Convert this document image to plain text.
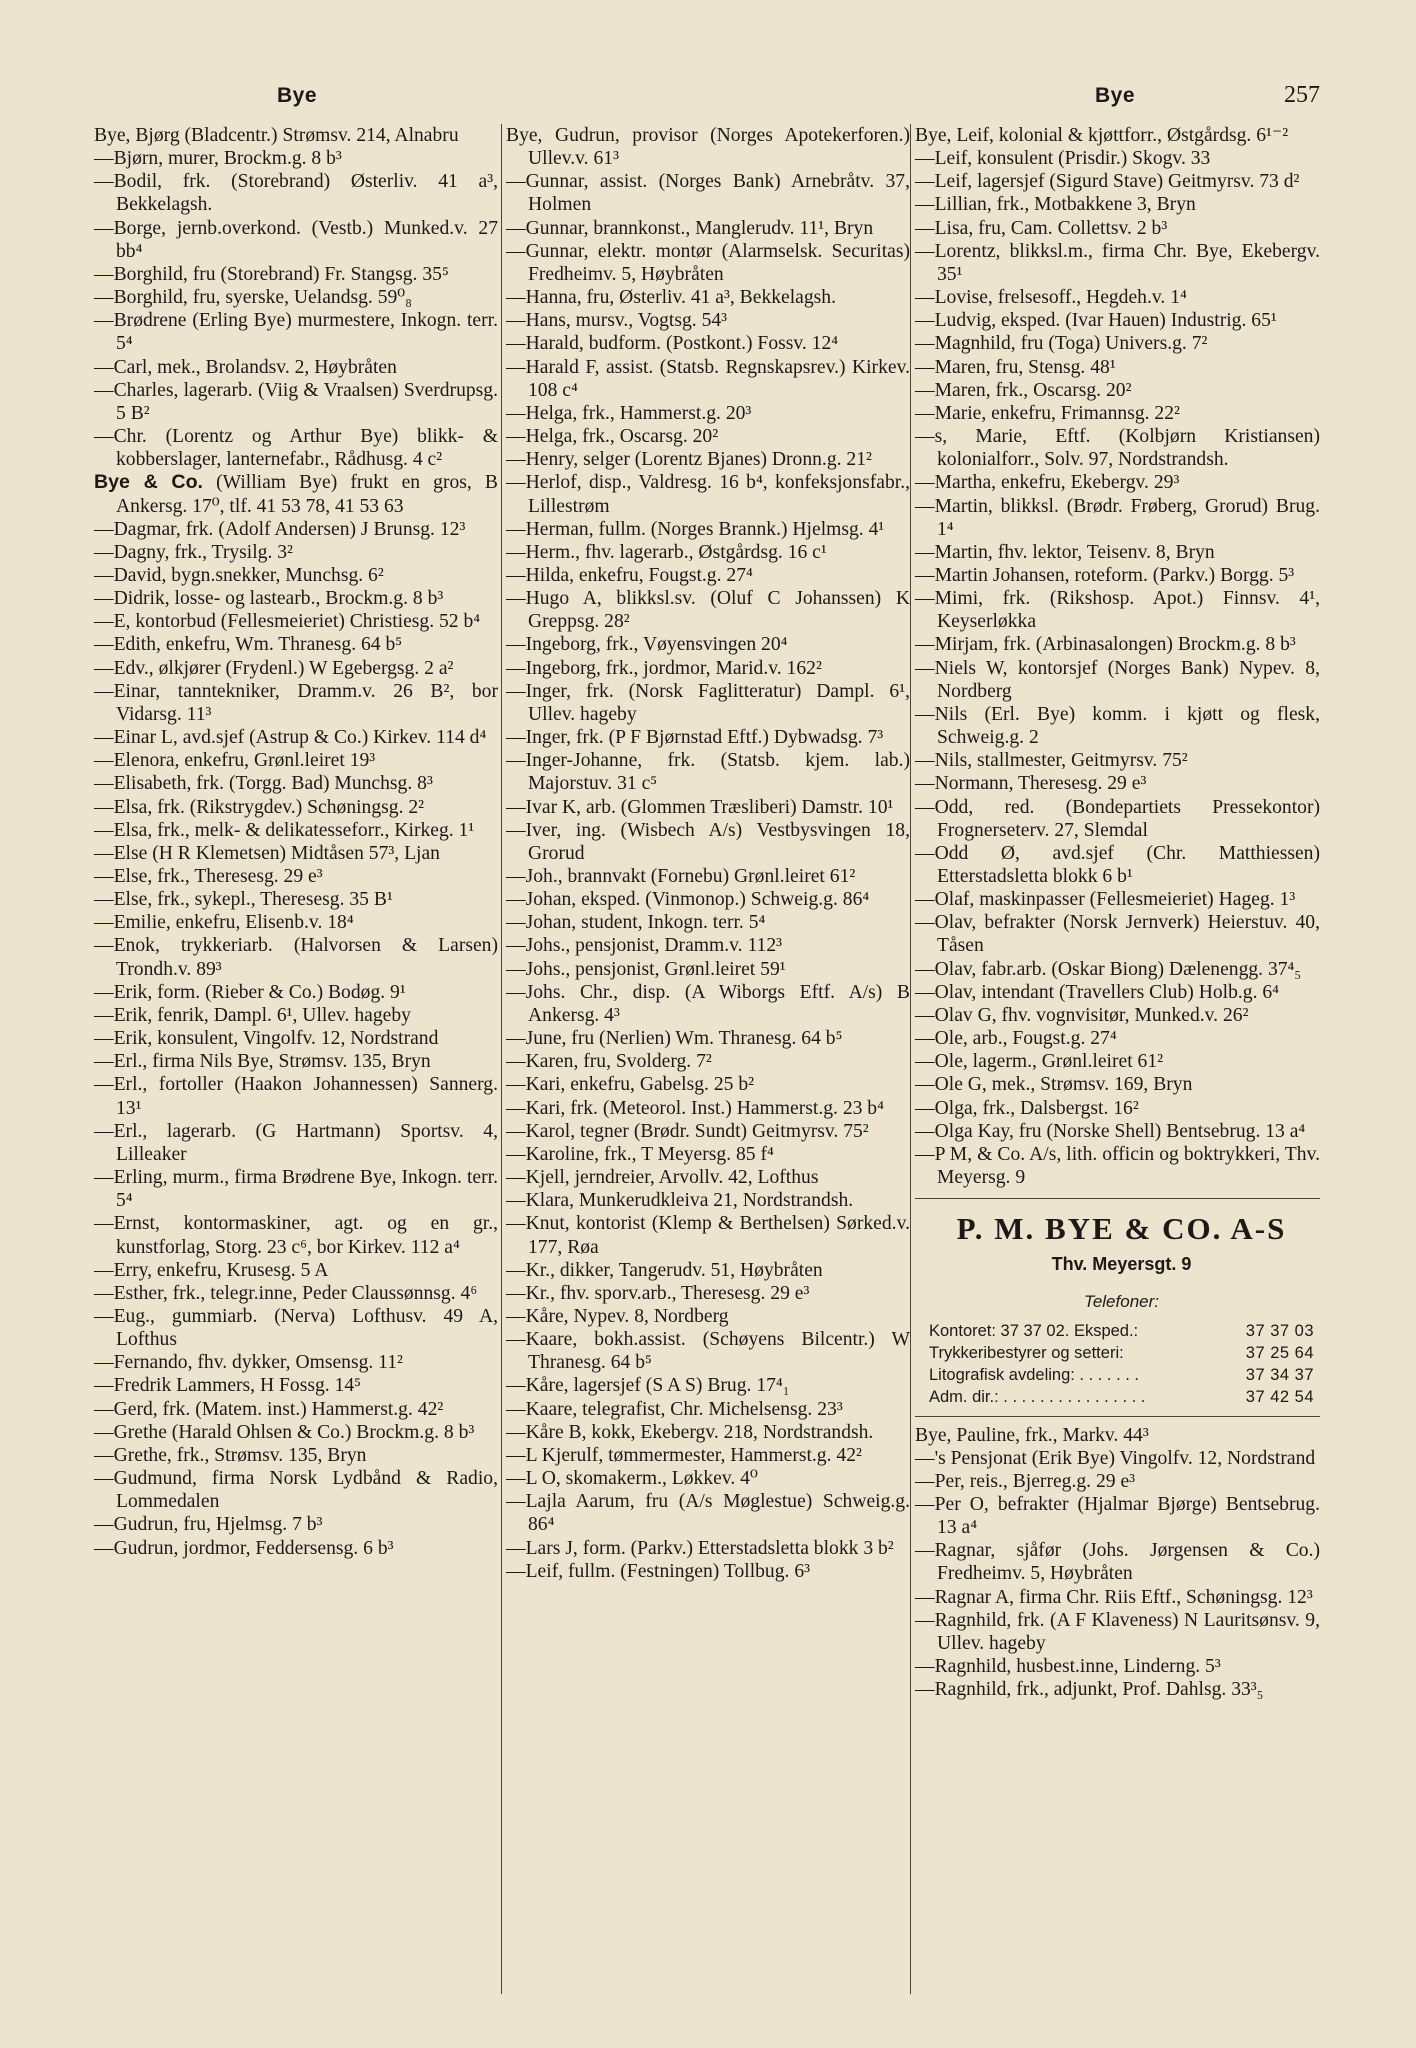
Bye	Bye	257

Bye, Bjørg (Bladcentr.) Strømsv. 214, Alnabru

—Bjørn, murer, Brockm.g. 8 b³

—Bodil, frk. (Storebrand) Østerliv. 41 a³, Bekkelagsh.

—Borge, jernb.overkond. (Vestb.) Munked.v. 27 bb⁴

—Borghild, fru (Storebrand) Fr. Stangsg. 35⁵

—Borghild, fru, syerske, Uelandsg. 59⁰₈

—Brødrene (Erling Bye) murmestere, Inkogn. terr. 5⁴

—Carl, mek., Brolandsv. 2, Høybråten

—Charles, lagerarb. (Viig & Vraalsen) Sverdrupsg. 5 B²

—Chr. (Lorentz og Arthur Bye) blikk- & kobberslager, lanternefabr., Rådhusg. 4 c²

Bye & Co. (William Bye) frukt en gros, B Ankersg. 17⁰, tlf. 41 53 78, 41 53 63

—Dagmar, frk. (Adolf Andersen) J Brunsg. 12³

—Dagny, frk., Trysilg. 3²

—David, bygn.snekker, Munchsg. 6²

—Didrik, losse- og lastearb., Brockm.g. 8 b³

—E, kontorbud (Fellesmeieriet) Christiesg. 52 b⁴

—Edith, enkefru, Wm. Thranesg. 64 b⁵

—Edv., ølkjører (Frydenl.) W Egebergsg. 2 a²

—Einar, tanntekniker, Dramm.v. 26 B², bor Vidarsg. 11³

—Einar L, avd.sjef (Astrup & Co.) Kirkev. 114 d⁴

—Elenora, enkefru, Grønl.leiret 19³

—Elisabeth, frk. (Torgg. Bad) Munchsg. 8³

—Elsa, frk. (Rikstrygdev.) Schøningsg. 2²

—Elsa, frk., melk- & delikatesseforr., Kirkeg. 1¹

—Else (H R Klemetsen) Midtåsen 57³, Ljan

—Else, frk., Theresesg. 29 e³

—Else, frk., sykepl., Theresesg. 35 B¹

—Emilie, enkefru, Elisenb.v. 18⁴

—Enok, trykkeriarb. (Halvorsen & Larsen) Trondh.v. 89³

—Erik, form. (Rieber & Co.) Bodøg. 9¹

—Erik, fenrik, Dampl. 6¹, Ullev. hageby

—Erik, konsulent, Vingolfv. 12, Nordstrand

—Erl., firma Nils Bye, Strømsv. 135, Bryn

—Erl., fortoller (Haakon Johannessen) Sannerg. 13¹

—Erl., lagerarb. (G Hartmann) Sportsv. 4, Lilleaker

—Erling, murm., firma Brødrene Bye, Inkogn. terr. 5⁴

—Ernst, kontormaskiner, agt. og en gr., kunstforlag, Storg. 23 c⁶, bor Kirkev. 112 a⁴

—Erry, enkefru, Krusesg. 5 A

—Esther, frk., telegr.inne, Peder Claussønnsg. 4⁶

—Eug., gummiarb. (Nerva) Lofthusv. 49 A, Lofthus

—Fernando, fhv. dykker, Omsensg. 11²

—Fredrik Lammers, H Fossg. 14⁵

—Gerd, frk. (Matem. inst.) Hammerst.g. 42²

—Grethe (Harald Ohlsen & Co.) Brockm.g. 8 b³

—Grethe, frk., Strømsv. 135, Bryn

—Gudmund, firma Norsk Lydbånd & Radio, Lommedalen

—Gudrun, fru, Hjelmsg. 7 b³

—Gudrun, jordmor, Feddersensg. 6 b³

Bye, Gudrun, provisor (Norges Apotekerforen.) Ullev.v. 61³

—Gunnar, assist. (Norges Bank) Arnebråtv. 37, Holmen

—Gunnar, brannkonst., Manglerudv. 11¹, Bryn

—Gunnar, elektr. montør (Alarmselsk. Securitas) Fredheimv. 5, Høybråten

—Hanna, fru, Østerliv. 41 a³, Bekkelagsh.

—Hans, mursv., Vogtsg. 54³

—Harald, budform. (Postkont.) Fossv. 12⁴

—Harald F, assist. (Statsb. Regnskapsrev.) Kirkev. 108 c⁴

—Helga, frk., Hammerst.g. 20³

—Helga, frk., Oscarsg. 20²

—Henry, selger (Lorentz Bjanes) Dronn.g. 21²

—Herlof, disp., Valdresg. 16 b⁴, konfeksjonsfabr., Lillestrøm

—Herman, fullm. (Norges Brannk.) Hjelmsg. 4¹

—Herm., fhv. lagerarb., Østgårdsg. 16 c¹

—Hilda, enkefru, Fougst.g. 27⁴

—Hugo A, blikksl.sv. (Oluf C Johanssen) K Greppsg. 28²

—Ingeborg, frk., Vøyensvingen 20⁴

—Ingeborg, frk., jordmor, Marid.v. 162²

—Inger, frk. (Norsk Faglitteratur) Dampl. 6¹, Ullev. hageby

—Inger, frk. (P F Bjørnstad Eftf.) Dybwadsg. 7³

—Inger-Johanne, frk. (Statsb. kjem. lab.) Majorstuv. 31 c⁵

—Ivar K, arb. (Glommen Træsliberi) Damstr. 10¹

—Iver, ing. (Wisbech A/s) Vestbysvingen 18, Grorud

—Joh., brannvakt (Fornebu) Grønl.leiret 61²

—Johan, eksped. (Vinmonop.) Schweig.g. 86⁴

—Johan, student, Inkogn. terr. 5⁴

—Johs., pensjonist, Dramm.v. 112³

—Johs., pensjonist, Grønl.leiret 59¹

—Johs. Chr., disp. (A Wiborgs Eftf. A/s) B Ankersg. 4³

—June, fru (Nerlien) Wm. Thranesg. 64 b⁵

—Karen, fru, Svolderg. 7²

—Kari, enkefru, Gabelsg. 25 b²

—Kari, frk. (Meteorol. Inst.) Hammerst.g. 23 b⁴

—Karol, tegner (Brødr. Sundt) Geitmyrsv. 75²

—Karoline, frk., T Meyersg. 85 f⁴

—Kjell, jerndreier, Arvollv. 42, Lofthus

—Klara, Munkerudkleiva 21, Nordstrandsh.

—Knut, kontorist (Klemp & Berthelsen) Sørked.v. 177, Røa

—Kr., dikker, Tangerudv. 51, Høybråten

—Kr., fhv. sporv.arb., Theresesg. 29 e³

—Kåre, Nypev. 8, Nordberg

—Kaare, bokh.assist. (Schøyens Bilcentr.) W Thranesg. 64 b⁵

—Kåre, lagersjef (S A S) Brug. 17⁴₁

—Kaare, telegrafist, Chr. Michelsensg. 23³

—Kåre B, kokk, Ekebergv. 218, Nordstrandsh.

—L Kjerulf, tømmermester, Hammerst.g. 42²

—L O, skomakerm., Løkkev. 4⁰

—Lajla Aarum, fru (A/s Møglestue) Schweig.g. 86⁴

—Lars J, form. (Parkv.) Etterstadsletta blokk 3 b²

—Leif, fullm. (Festningen) Tollbug. 6³

Bye, Leif, kolonial & kjøttforr., Østgårdsg. 6¹⁻²

—Leif, konsulent (Prisdir.) Skogv. 33

—Leif, lagersjef (Sigurd Stave) Geitmyrsv. 73 d²

—Lillian, frk., Motbakkene 3, Bryn

—Lisa, fru, Cam. Collettsv. 2 b³

—Lorentz, blikksl.m., firma Chr. Bye, Ekebergv. 35¹

—Lovise, frelsesoff., Hegdeh.v. 1⁴

—Ludvig, eksped. (Ivar Hauen) Industrig. 65¹

—Magnhild, fru (Toga) Univers.g. 7²

—Maren, fru, Stensg. 48¹

—Maren, frk., Oscarsg. 20²

—Marie, enkefru, Frimannsg. 22²

—s, Marie, Eftf. (Kolbjørn Kristiansen) kolonialforr., Solv. 97, Nordstrandsh.

—Martha, enkefru, Ekebergv. 29³

—Martin, blikksl. (Brødr. Frøberg, Grorud) Brug. 1⁴

—Martin, fhv. lektor, Teisenv. 8, Bryn

—Martin Johansen, roteform. (Parkv.) Borgg. 5³

—Mimi, frk. (Rikshosp. Apot.) Finnsv. 4¹, Keyserløkka

—Mirjam, frk. (Arbinasalongen) Brockm.g. 8 b³

—Niels W, kontorsjef (Norges Bank) Nypev. 8, Nordberg

—Nils (Erl. Bye) komm. i kjøtt og flesk, Schweig.g. 2

—Nils, stallmester, Geitmyrsv. 75²

—Normann, Theresesg. 29 e³

—Odd, red. (Bondepartiets Pressekontor) Frognerseterv. 27, Slemdal

—Odd Ø, avd.sjef (Chr. Matthiessen) Etterstadsletta blokk 6 b¹

—Olaf, maskinpasser (Fellesmeieriet) Hageg. 1³

—Olav, befrakter (Norsk Jernverk) Heierstuv. 40, Tåsen

—Olav, fabr.arb. (Oskar Biong) Dælenengg. 37⁴₅

—Olav, intendant (Travellers Club) Holb.g. 6⁴

—Olav G, fhv. vognvisitør, Munked.v. 26²

—Ole, arb., Fougst.g. 27⁴

—Ole, lagerm., Grønl.leiret 61²

—Ole G, mek., Strømsv. 169, Bryn

—Olga, frk., Dalsbergst. 16²

—Olga Kay, fru (Norske Shell) Bentsebrug. 13 a⁴

—P M, & Co. A/s, lith. officin og boktrykkeri, Thv. Meyersg. 9

P. M. BYE & CO. A-S
Thv. Meyersgt. 9
Telefoner:
Kontoret: 37 37 02. Eksped.:	37 37 03
Trykkeribestyrer og setteri:	37 25 64
Litografisk avdeling: . . . . . . .	37 34 37
Adm. dir.: . . . . . . . . . . . . . . . .	37 42 54

Bye, Pauline, frk., Markv. 44³

—'s Pensjonat (Erik Bye) Vingolfv. 12, Nordstrand

—Per, reis., Bjerreg.g. 29 e³

—Per O, befrakter (Hjalmar Bjørge) Bentsebrug. 13 a⁴

—Ragnar, sjåfør (Johs. Jørgensen & Co.) Fredheimv. 5, Høybråten

—Ragnar A, firma Chr. Riis Eftf., Schøningsg. 12³

—Ragnhild, frk. (A F Klaveness) N Lauritsønsv. 9, Ullev. hageby

—Ragnhild, husbest.inne, Linderng. 5³

—Ragnhild, frk., adjunkt, Prof. Dahlsg. 33³₅
